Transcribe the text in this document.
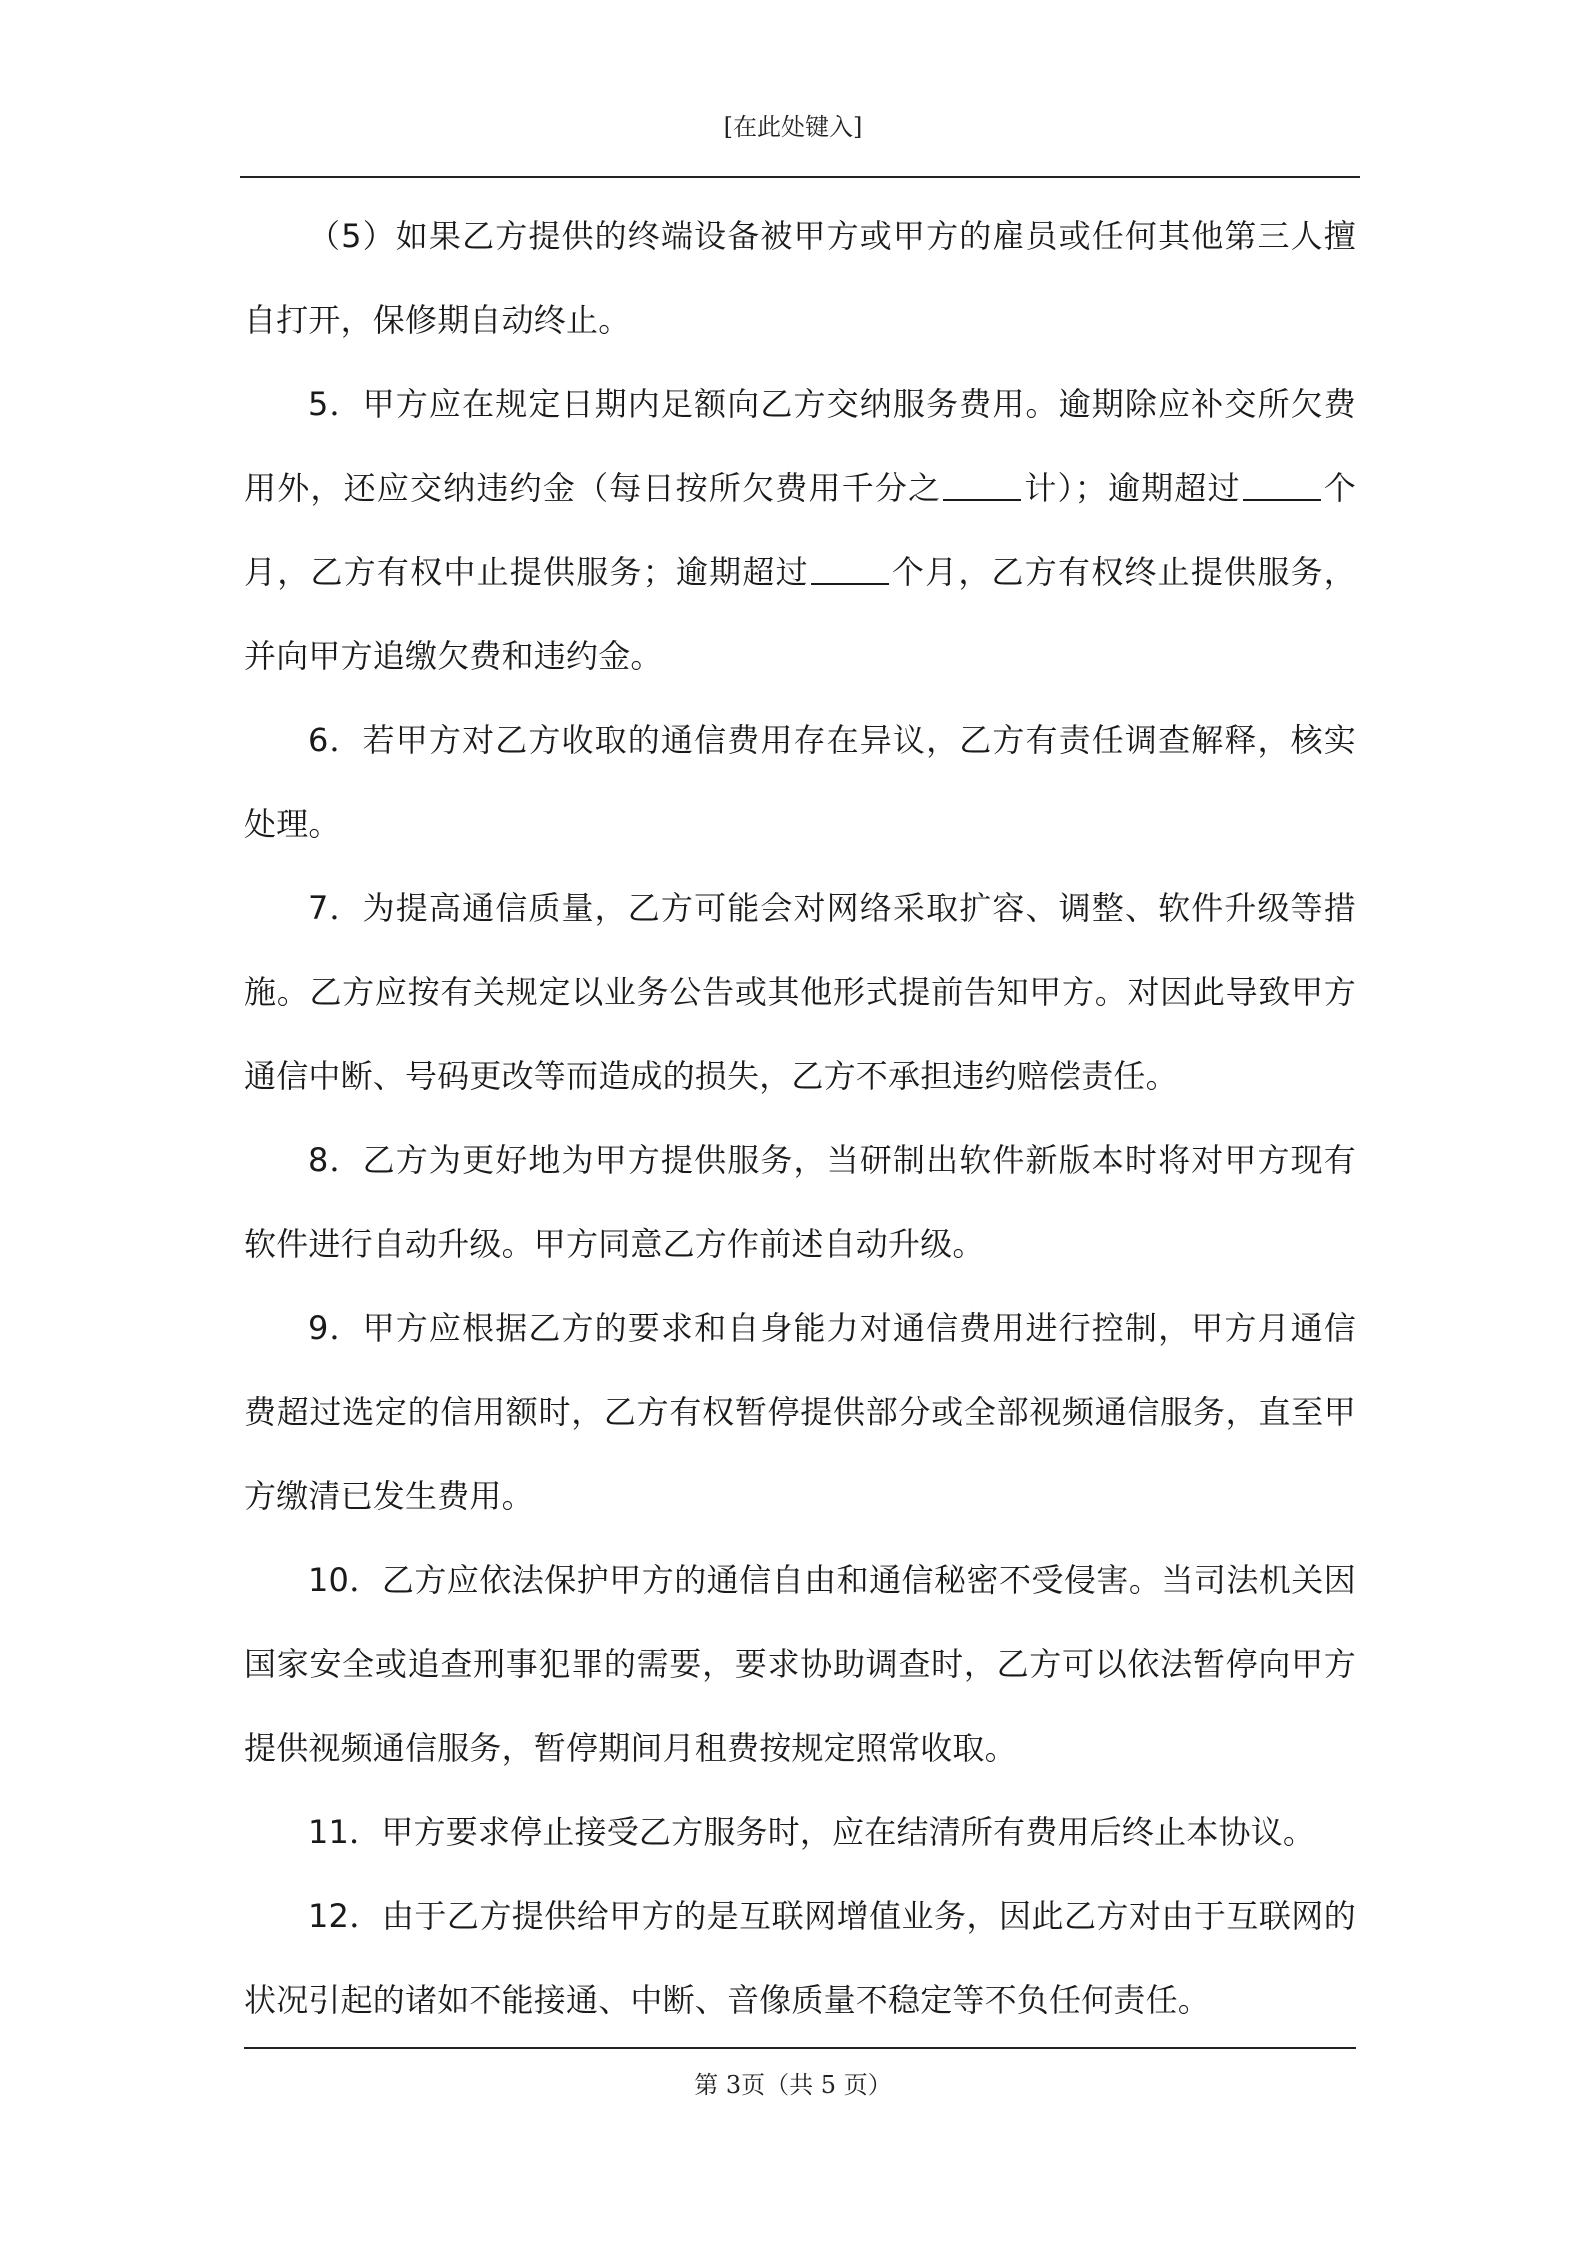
[在此处键入]

（5）如果乙方提供的终端设备被甲方或甲方的雇员或任何其他第三人擅自打开，保修期自动终止。

5．甲方应在规定日期内足额向乙方交纳服务费用。逾期除应补交所欠费用外，还应交纳违约金（每日按所欠费用千分之	计）；逾期超过	个月，乙方有权中止提供服务；逾期超过	个月，乙方有权终止提供服务，并向甲方追缴欠费和违约金。

6．若甲方对乙方收取的通信费用存在异议，乙方有责任调查解释，核实处理。

7．为提高通信质量，乙方可能会对网络采取扩容、调整、软件升级等措施。乙方应按有关规定以业务公告或其他形式提前告知甲方。对因此导致甲方通信中断、号码更改等而造成的损失，乙方不承担违约赔偿责任。

8．乙方为更好地为甲方提供服务，当研制出软件新版本时将对甲方现有软件进行自动升级。甲方同意乙方作前述自动升级。

9．甲方应根据乙方的要求和自身能力对通信费用进行控制，甲方月通信费超过选定的信用额时，乙方有权暂停提供部分或全部视频通信服务，直至甲方缴清已发生费用。

10．乙方应依法保护甲方的通信自由和通信秘密不受侵害。当司法机关因国家安全或追查刑事犯罪的需要，要求协助调查时，乙方可以依法暂停向甲方提供视频通信服务，暂停期间月租费按规定照常收取。

11．甲方要求停止接受乙方服务时，应在结清所有费用后终止本协议。

12．由于乙方提供给甲方的是互联网增值业务，因此乙方对由于互联网的状况引起的诸如不能接通、中断、音像质量不稳定等不负任何责任。

第 3页（共 5 页）
